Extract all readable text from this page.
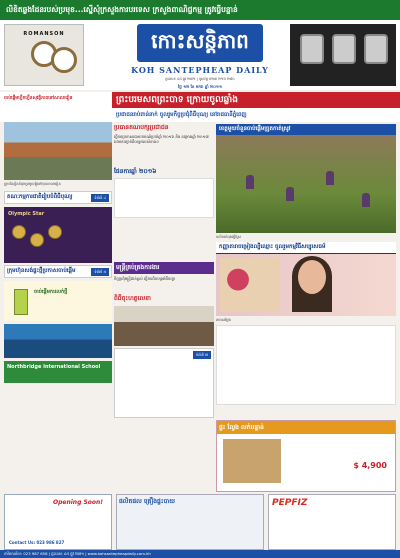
លិខិតឆ្លងដែនរបស់ប្រមុខ...ស្នើសុំក្រសួងការបរទេស ក្រសួងពាណិជ្ជកម្ម ត្រូវធ្វើបន្ទាន់
ROMANSON	កោះសន្តិភាព
KOH SANTEPHEAP DAILY
ផ្ទះលេខ ៤៥ ផ្លូវ ២៧១ | ទូរស័ព្ទ ០២៣ ២១០ ២៨០
ថ្ងៃ ១២ ខែ មករា ឆ្នាំ ២០១១
ចាប់ផ្តើមហ្វឹកហ្វឺនសុវត្ថិភាពនៅសាលារៀន	ព្រះបរមសពព្រះបាទ ក្រោយចូលឆ្លាំង
ប្រជាជនរាប់ពាន់នាក់ ចូលរួមកិច្ចប្រជុំពិធីបុណ្យ នៅរាជធានីភ្នំពេញ
ក្រុមនិស្សិតកំពុងប្រមូលផ្តុំនៅមុខសាលារៀន
ទំព័រទី ៤
គណៈកម្មការជាតិរៀបចំពិធីបុណ្យ
Olympic Star
ទំព័រទី ៥
ក្រុមហ៊ុនសង់ផ្ទះថ្មីប្រកាសចាប់ផ្តើម
ចាប់ផ្តើមការលក់ថ្មី
Northbridge International School
ប្រធានគណបក្សប្រជាជន
ធ្វើការប្រកាសរបាយការណ៍ប្រចាំឆ្នាំ ២០១៦ និង គម្រោងឆ្នាំ ២០១៧ ដោយបញ្ជាក់ពីលទ្ធផលសំខាន់ៗ
ផែនការឆ្នាំ ២០១៦
មន្ត្រីគ្រប់គ្រងការងារ
កិច្ចប្រជុំមន្ត្រីជាន់ខ្ពស់ ធ្វើការពិភាក្សាអំពីបញ្ហា
ពិធីចុះហត្ថលេខា
ទំព័រទី ៧
ខេត្តមួយចំនួនចាប់ផ្តើមច្រូតកាត់ស្រូវ
កសិករកំពុងធ្វើស្រែ
កញ្ញាតារាចម្រៀងល្បីឈ្មោះ ចូលរួមកម្មវិធីសប្បុរសធម៌
តារាសម្តែង
ផ្ទះ ល្វែង លក់បន្ទាន់
$ 4,900
Opening Soon!
Contact Us: 023 986 827
ផលិតផល គ្រឿងផ្ទះបាយ	PEPFIZ
ការិយាល័យ: 023 987 658 | ផ្ទះលេខ ៤៥ ផ្លូវ ២៧១ | www.kohsantepheapdaily.com.kh
